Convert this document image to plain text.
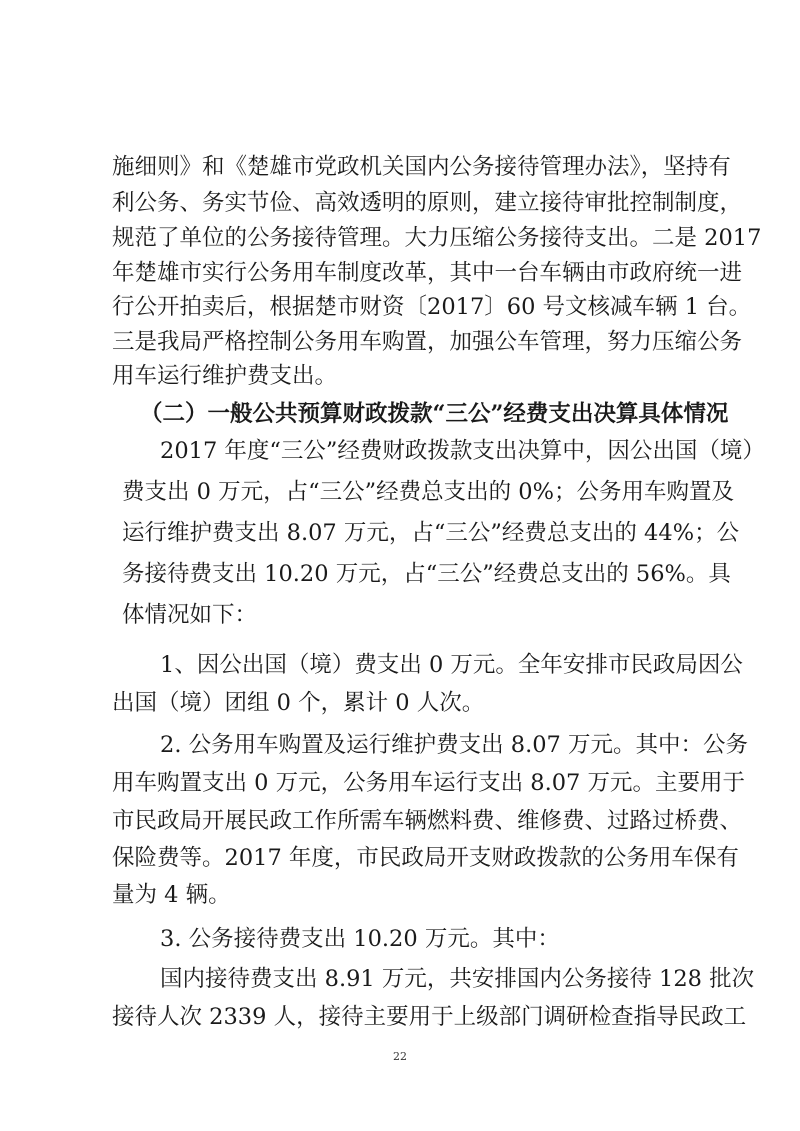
施细则》和《楚雄市党政机关国内公务接待管理办法》，坚持有

利公务、务实节俭、高效透明的原则，建立接待审批控制制度，

规范了单位的公务接待管理。大力压缩公务接待支出。二是 2017

年楚雄市实行公务用车制度改革，其中一台车辆由市政府统一进

行公开拍卖后，根据楚市财资〔2017〕60 号文核减车辆 1 台。

三是我局严格控制公务用车购置，加强公车管理，努力压缩公务

用车运行维护费支出。

（二）一般公共预算财政拨款“三公”经费支出决算具体情况

2017 年度“三公”经费财政拨款支出决算中，因公出国（境）

费支出 0 万元，占“三公”经费总支出的 0%；公务用车购置及

运行维护费支出 8.07 万元，占“三公”经费总支出的 44%；公

务接待费支出 10.20 万元，占“三公”经费总支出的 56%。具

体情况如下：

1、因公出国（境）费支出 0 万元。全年安排市民政局因公

出国（境）团组 0 个，累计 0 人次。

2. 公务用车购置及运行维护费支出 8.07 万元。其中：公务

用车购置支出 0 万元，公务用车运行支出 8.07 万元。主要用于

市民政局开展民政工作所需车辆燃料费、维修费、过路过桥费、

保险费等。2017 年度，市民政局开支财政拨款的公务用车保有

量为 4 辆。

3. 公务接待费支出 10.20 万元。其中：

国内接待费支出 8.91 万元，共安排国内公务接待 128 批次

接待人次 2339 人，接待主要用于上级部门调研检查指导民政工

22
